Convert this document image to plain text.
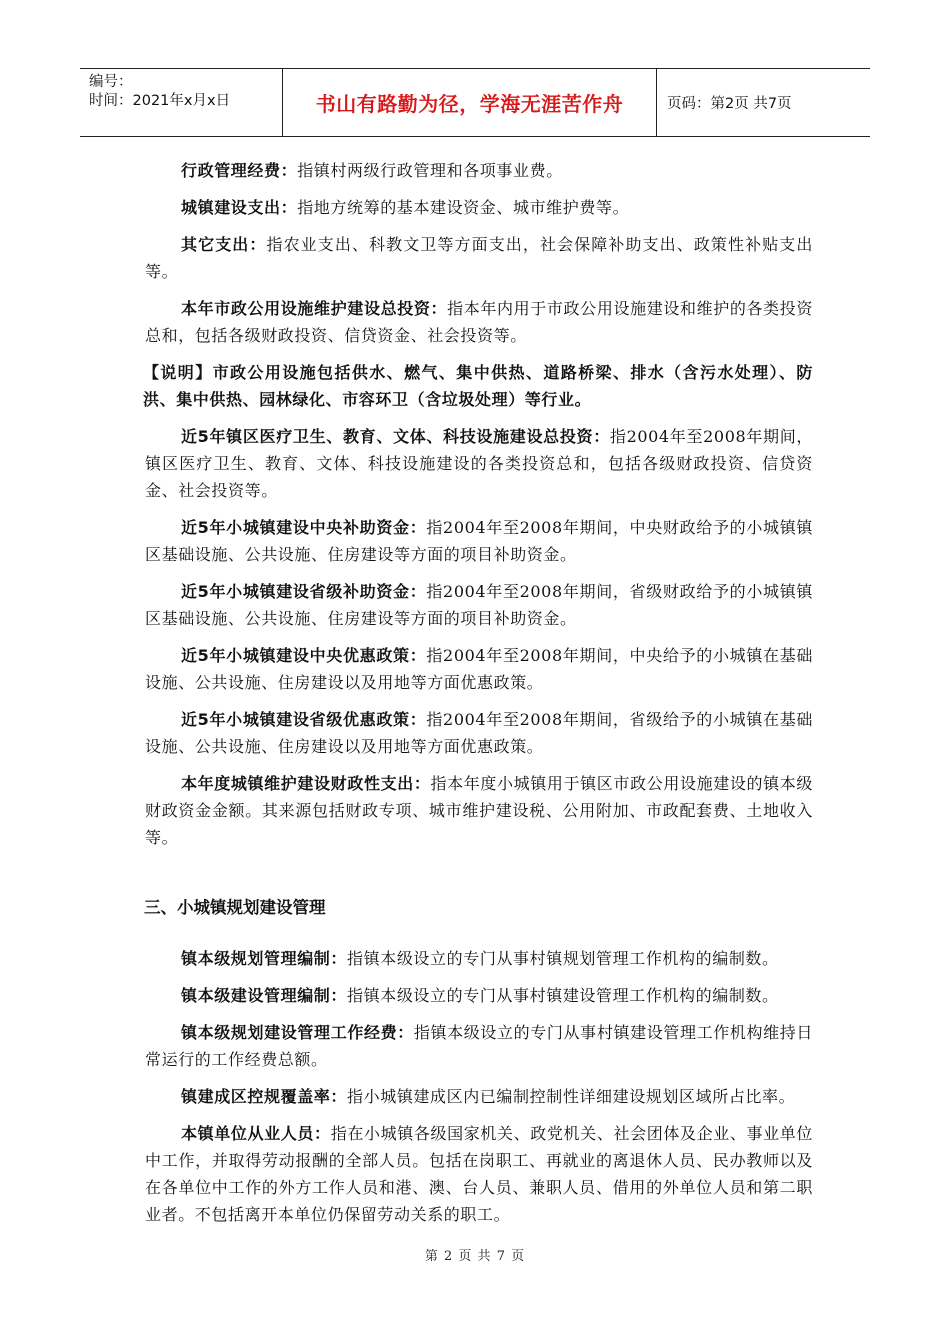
编号：
时间：2021年x月x日	书山有路勤为径，学海无涯苦作舟	页码：第2页 共7页

行政管理经费：指镇村两级行政管理和各项事业费。

城镇建设支出：指地方统筹的基本建设资金、城市维护费等。

其它支出：指农业支出、科教文卫等方面支出，社会保障补助支出、政策性补贴支出等。

本年市政公用设施维护建设总投资：指本年内用于市政公用设施建设和维护的各类投资总和，包括各级财政投资、信贷资金、社会投资等。

【说明】市政公用设施包括供水、燃气、集中供热、道路桥梁、排水（含污水处理）、防洪、集中供热、园林绿化、市容环卫（含垃圾处理）等行业。

近5年镇区医疗卫生、教育、文体、科技设施建设总投资：指2004年至2008年期间，镇区医疗卫生、教育、文体、科技设施建设的各类投资总和，包括各级财政投资、信贷资金、社会投资等。

近5年小城镇建设中央补助资金：指2004年至2008年期间，中央财政给予的小城镇镇区基础设施、公共设施、住房建设等方面的项目补助资金。

近5年小城镇建设省级补助资金：指2004年至2008年期间，省级财政给予的小城镇镇区基础设施、公共设施、住房建设等方面的项目补助资金。

近5年小城镇建设中央优惠政策：指2004年至2008年期间，中央给予的小城镇在基础设施、公共设施、住房建设以及用地等方面优惠政策。

近5年小城镇建设省级优惠政策：指2004年至2008年期间，省级给予的小城镇在基础设施、公共设施、住房建设以及用地等方面优惠政策。

本年度城镇维护建设财政性支出：指本年度小城镇用于镇区市政公用设施建设的镇本级财政资金金额。其来源包括财政专项、城市维护建设税、公用附加、市政配套费、土地收入等。

三、小城镇规划建设管理

镇本级规划管理编制：指镇本级设立的专门从事村镇规划管理工作机构的编制数。

镇本级建设管理编制：指镇本级设立的专门从事村镇建设管理工作机构的编制数。

镇本级规划建设管理工作经费：指镇本级设立的专门从事村镇建设管理工作机构维持日常运行的工作经费总额。

镇建成区控规覆盖率：指小城镇建成区内已编制控制性详细建设规划区域所占比率。

本镇单位从业人员：指在小城镇各级国家机关、政党机关、社会团体及企业、事业单位中工作，并取得劳动报酬的全部人员。包括在岗职工、再就业的离退休人员、民办教师以及在各单位中工作的外方工作人员和港、澳、台人员、兼职人员、借用的外单位人员和第二职业者。不包括离开本单位仍保留劳动关系的职工。

第 2 页 共 7 页
